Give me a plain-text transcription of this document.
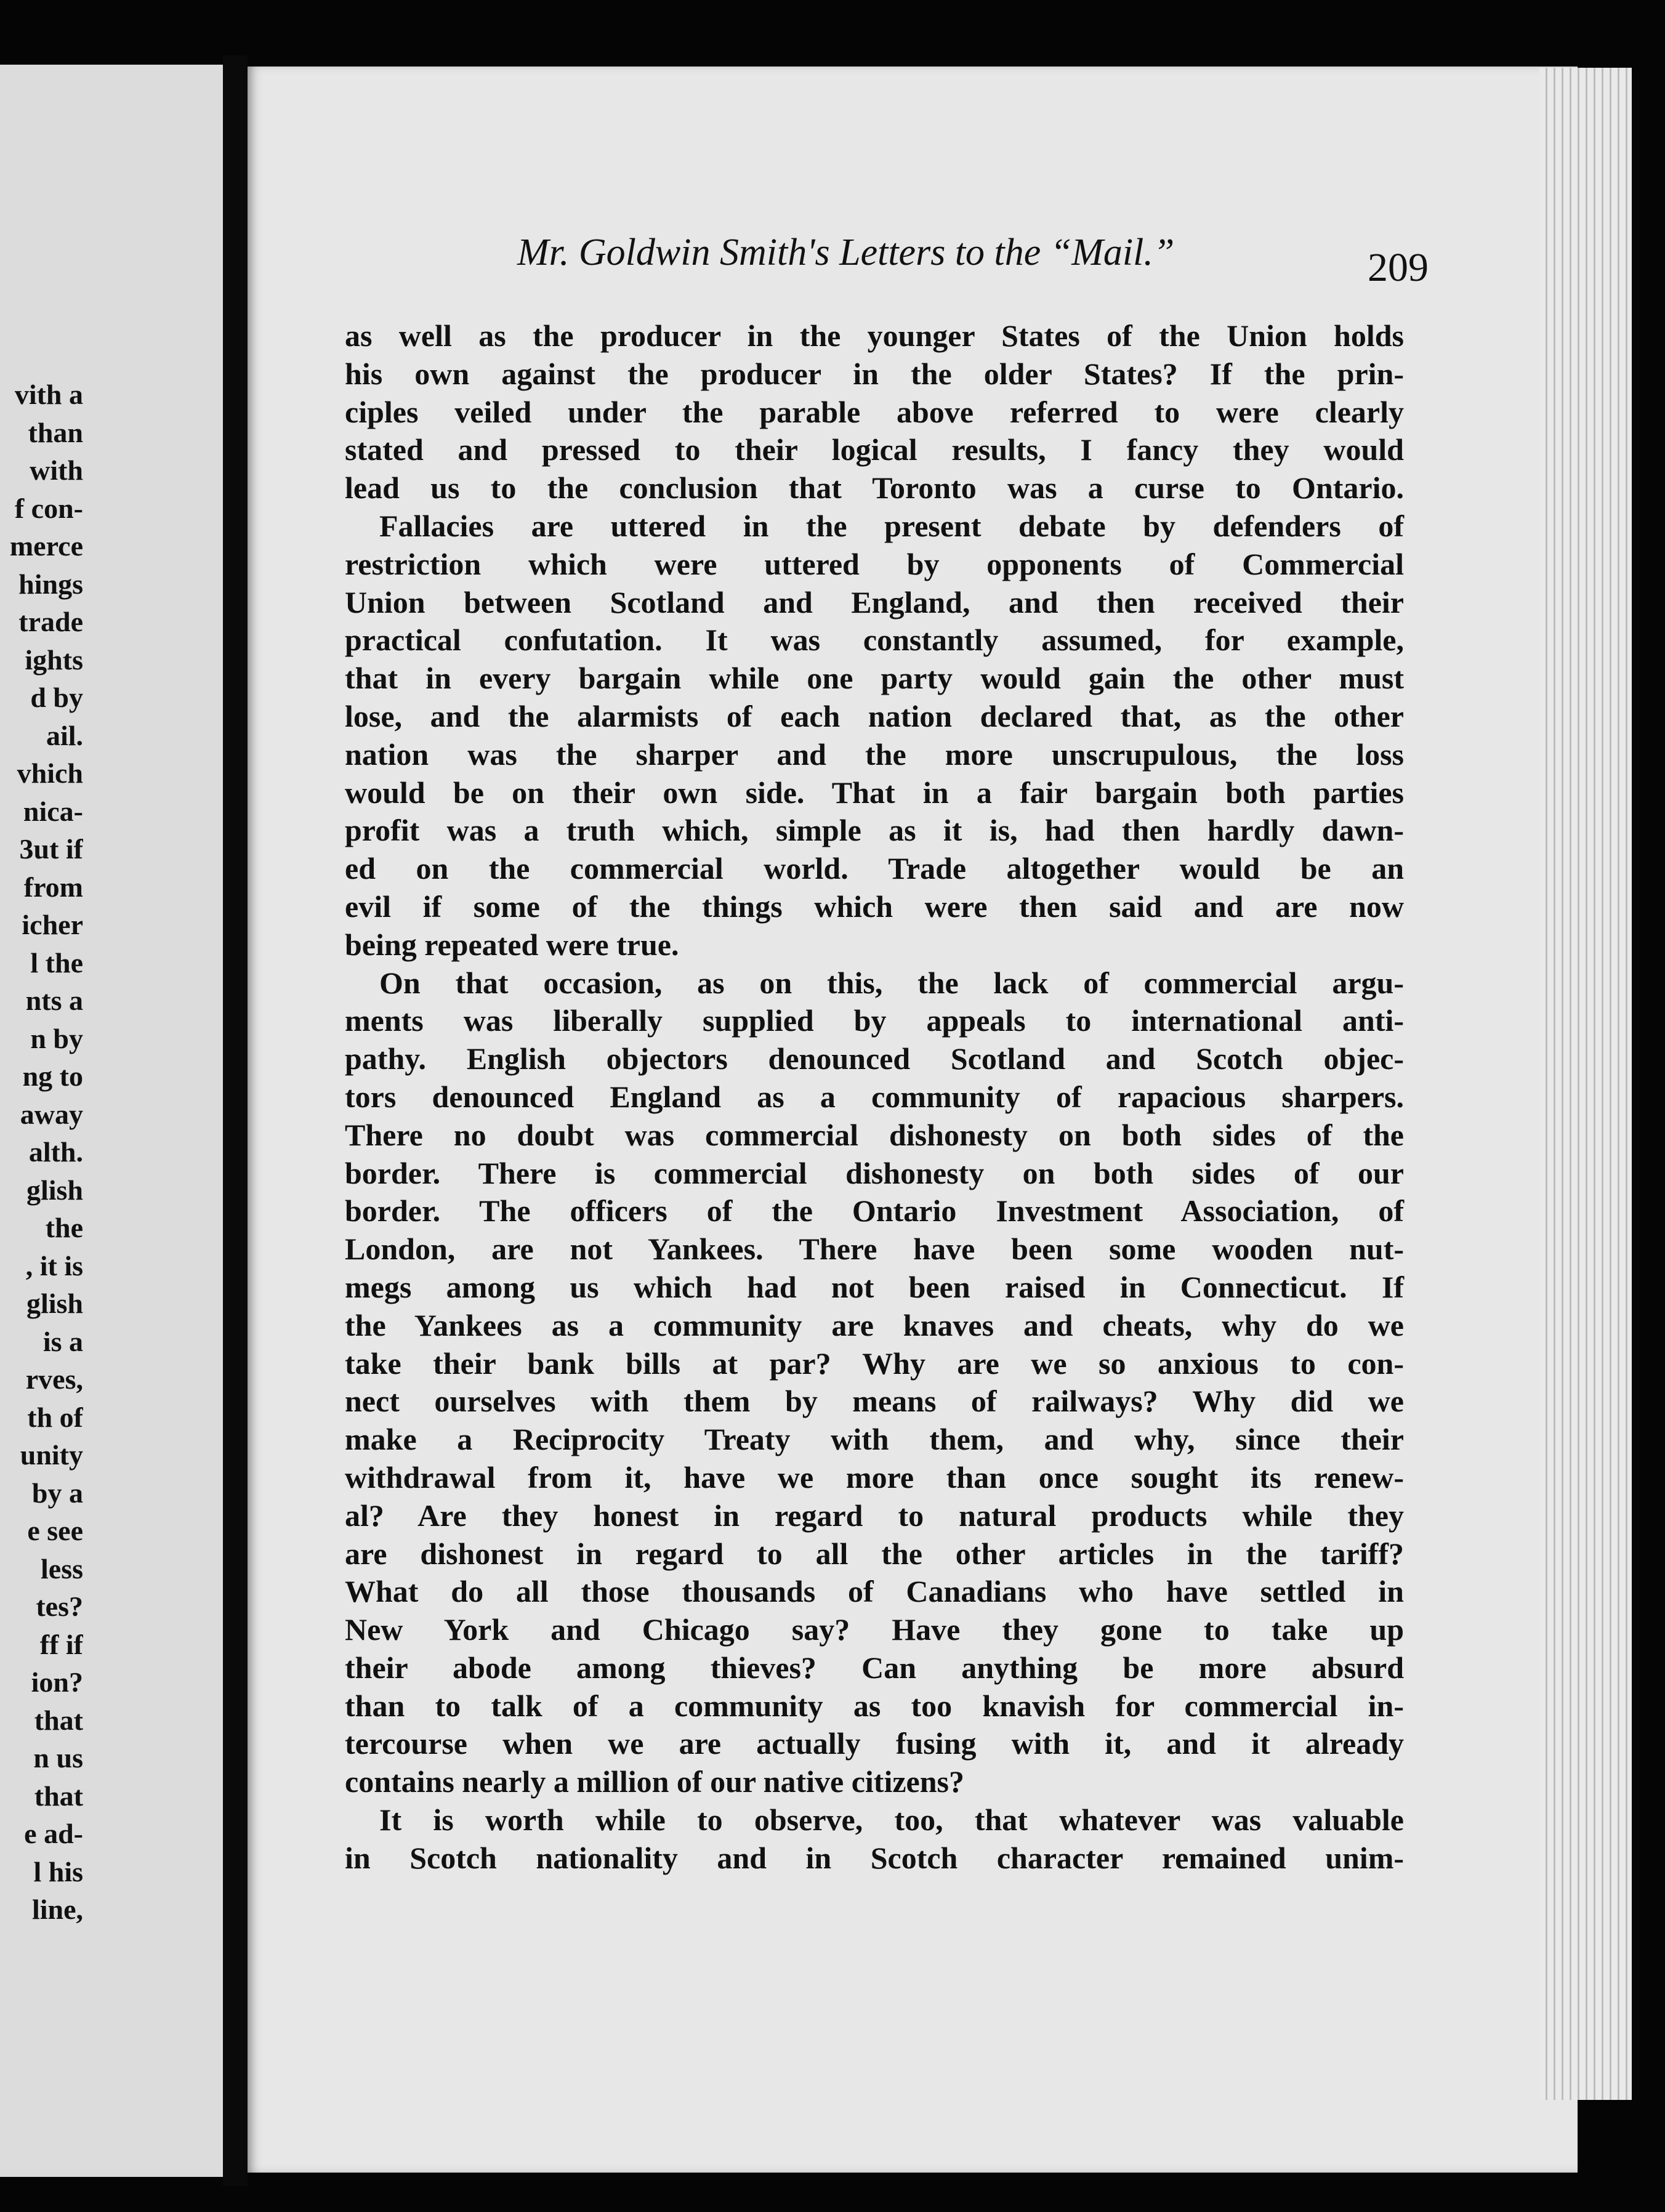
vith a
than
with
f con-
merce
hings
trade
ights
d by
ail.
vhich
nica-
3ut if
from
icher
l the
nts a
n by
ng to
away
alth.
glish
the
, it is
glish
is a
rves,
th of
unity
by a
e see
less
tes?
ff if
ion?
that
n us
that
e ad-
l his
line,
Mr. Goldwin Smith's Letters to the “Mail.”	209
as well as the producer in the younger States of the Union holds
his own against the producer in the older States? If the prin-
ciples veiled under the parable above referred to were clearly
stated and pressed to their logical results, I fancy they would
lead us to the conclusion that Toronto was a curse to Ontario.
Fallacies are uttered in the present debate by defenders of
restriction which were uttered by opponents of Commercial
Union between Scotland and England, and then received their
practical confutation. It was constantly assumed, for example,
that in every bargain while one party would gain the other must
lose, and the alarmists of each nation declared that, as the other
nation was the sharper and the more unscrupulous, the loss
would be on their own side. That in a fair bargain both parties
profit was a truth which, simple as it is, had then hardly dawn-
ed on the commercial world. Trade altogether would be an
evil if some of the things which were then said and are now
being repeated were true.
On that occasion, as on this, the lack of commercial argu-
ments was liberally supplied by appeals to international anti-
pathy. English objectors denounced Scotland and Scotch objec-
tors denounced England as a community of rapacious sharpers.
There no doubt was commercial dishonesty on both sides of the
border. There is commercial dishonesty on both sides of our
border. The officers of the Ontario Investment Association, of
London, are not Yankees. There have been some wooden nut-
megs among us which had not been raised in Connecticut. If
the Yankees as a community are knaves and cheats, why do we
take their bank bills at par? Why are we so anxious to con-
nect ourselves with them by means of railways? Why did we
make a Reciprocity Treaty with them, and why, since their
withdrawal from it, have we more than once sought its renew-
al? Are they honest in regard to natural products while they
are dishonest in regard to all the other articles in the tariff?
What do all those thousands of Canadians who have settled in
New York and Chicago say? Have they gone to take up
their abode among thieves? Can anything be more absurd
than to talk of a community as too knavish for commercial in-
tercourse when we are actually fusing with it, and it already
contains nearly a million of our native citizens?
It is worth while to observe, too, that whatever was valuable
in Scotch nationality and in Scotch character remained unim-
